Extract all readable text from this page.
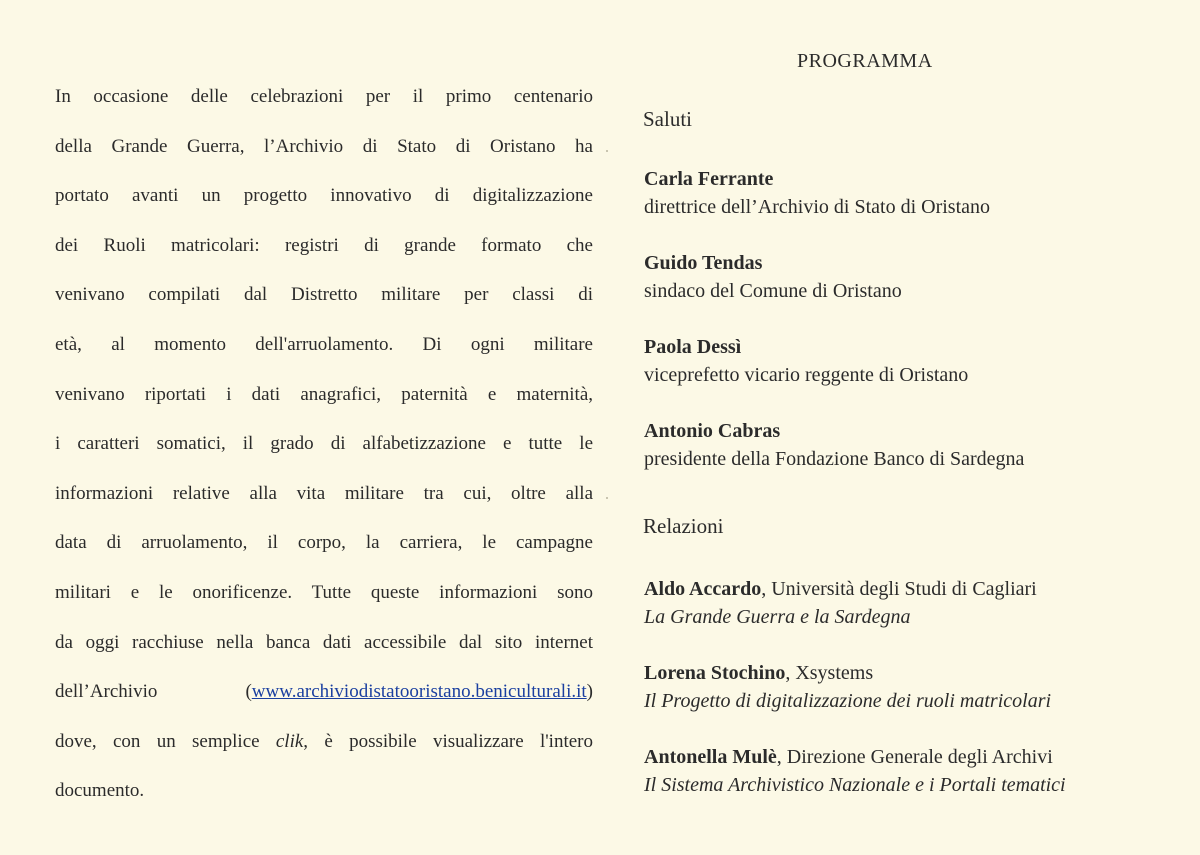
In occasione delle celebrazioni per il primo centenario
della Grande Guerra, l’Archivio di Stato di Oristano ha
portato avanti un progetto innovativo di digitalizzazione
dei Ruoli matricolari: registri di grande formato che
venivano compilati dal Distretto militare per classi di
età, al momento dell'arruolamento. Di ogni militare
venivano riportati i dati anagrafici, paternità e maternità,
i caratteri somatici, il grado di alfabetizzazione e tutte le
informazioni relative alla vita militare tra cui, oltre alla
data di arruolamento, il corpo, la carriera, le campagne
militari e le onorificenze. Tutte queste informazioni sono
da oggi racchiuse nella banca dati accessibile dal sito internet
dell’Archivio (www.archiviodistatooristano.beniculturali.it)
dove, con un semplice clik, è possibile visualizzare l'intero
documento.
PROGRAMMA
Saluti
Carla Ferrante
direttrice dell’Archivio di Stato di Oristano
Guido Tendas
sindaco del Comune di Oristano
Paola Dessì
viceprefetto vicario reggente di Oristano
Antonio Cabras
presidente della Fondazione Banco di Sardegna
Relazioni
Aldo Accardo, Università degli Studi di Cagliari
La Grande Guerra e la Sardegna
Lorena Stochino, Xsystems
Il Progetto di digitalizzazione dei ruoli matricolari
Antonella Mulè, Direzione Generale degli Archivi
Il Sistema Archivistico Nazionale e i Portali tematici
